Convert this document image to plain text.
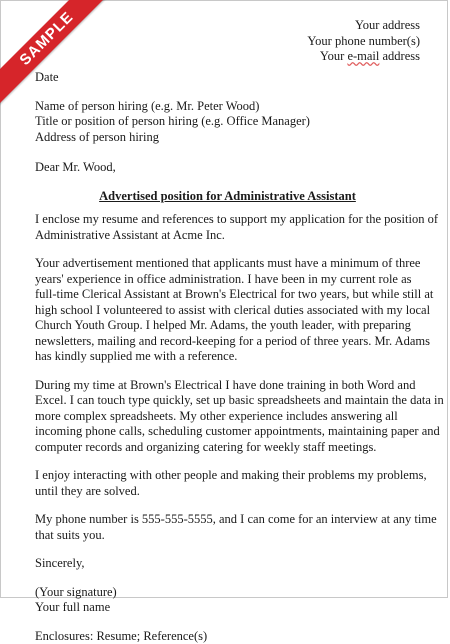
SAMPLE	Your address
Your phone number(s)
Your e-mail address
Date
Name of person hiring (e.g. Mr. Peter Wood)
Title or position of person hiring (e.g. Office Manager)
Address of person hiring
Dear Mr. Wood,
Advertised position for Administrative Assistant

I enclose my resume and references to support my application for the position of
Administrative Assistant at Acme Inc.

Your advertisement mentioned that applicants must have a minimum of three
years' experience in office administration. I have been in my current role as
full-time Clerical Assistant at Brown's Electrical for two years, but while still at
high school I volunteered to assist with clerical duties associated with my local
Church Youth Group. I helped Mr. Adams, the youth leader, with preparing
newsletters, mailing and record-keeping for a period of three years. Mr. Adams
has kindly supplied me with a reference.

During my time at Brown's Electrical I have done training in both Word and
Excel. I can touch type quickly, set up basic spreadsheets and maintain the data in
more complex spreadsheets. My other experience includes answering all
incoming phone calls, scheduling customer appointments, maintaining paper and
computer records and organizing catering for weekly staff meetings.

I enjoy interacting with other people and making their problems my problems,
until they are solved.

My phone number is 555-555-5555, and I can come for an interview at any time
that suits you.

Sincerely,
(Your signature)
Your full name
Enclosures: Resume; Reference(s)
